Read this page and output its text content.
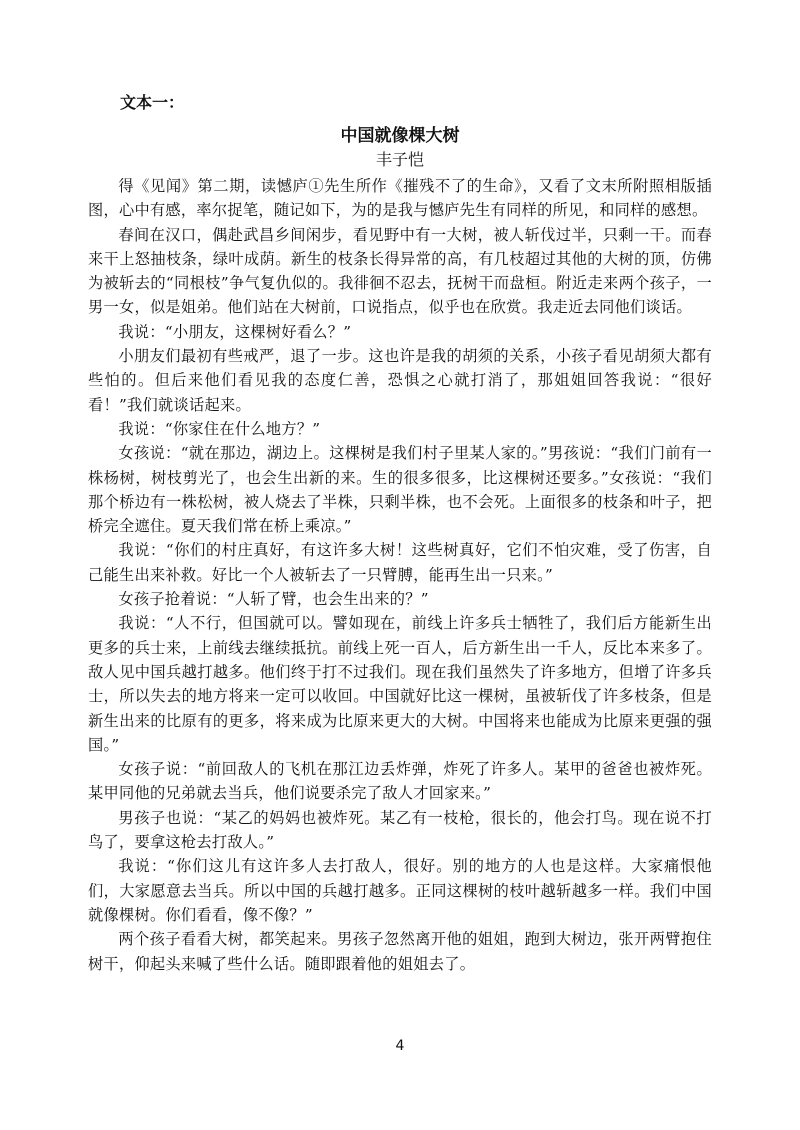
文本一：
中国就像棵大树
丰子恺

得《见闻》第二期，读憾庐①先生所作《摧残不了的生命》，又看了文末所附照相版插图，心中有感，率尔捉笔，随记如下，为的是我与憾庐先生有同样的所见，和同样的感想。

春间在汉口，偶赴武昌乡间闲步，看见野中有一大树，被人斩伐过半，只剩一干。而春来干上怒抽枝条，绿叶成荫。新生的枝条长得异常的高，有几枝超过其他的大树的顶，仿佛为被斩去的“同根枝”争气复仇似的。我徘徊不忍去，抚树干而盘桓。附近走来两个孩子，一男一女，似是姐弟。他们站在大树前，口说指点，似乎也在欣赏。我走近去同他们谈话。

我说：“小朋友，这棵树好看么？”

小朋友们最初有些戒严，退了一步。这也许是我的胡须的关系，小孩子看见胡须大都有些怕的。但后来他们看见我的态度仁善，恐惧之心就打消了，那姐姐回答我说：“很好看！”我们就谈话起来。

我说：“你家住在什么地方？”

女孩说：“就在那边，湖边上。这棵树是我们村子里某人家的。”男孩说：“我们门前有一株杨树，树枝剪光了，也会生出新的来。生的很多很多，比这棵树还要多。”女孩说：“我们那个桥边有一株松树，被人烧去了半株，只剩半株，也不会死。上面很多的枝条和叶子，把桥完全遮住。夏天我们常在桥上乘凉。”

我说：“你们的村庄真好，有这许多大树！这些树真好，它们不怕灾难，受了伤害，自己能生出来补救。好比一个人被斩去了一只臂膊，能再生出一只来。”

女孩子抢着说：“人斩了臂，也会生出来的？”

我说：“人不行，但国就可以。譬如现在，前线上许多兵士牺牲了，我们后方能新生出更多的兵士来，上前线去继续抵抗。前线上死一百人，后方新生出一千人，反比本来多了。敌人见中国兵越打越多。他们终于打不过我们。现在我们虽然失了许多地方，但增了许多兵士，所以失去的地方将来一定可以收回。中国就好比这一棵树，虽被斩伐了许多枝条，但是新生出来的比原有的更多，将来成为比原来更大的大树。中国将来也能成为比原来更强的强国。”

女孩子说：“前回敌人的飞机在那江边丢炸弹，炸死了许多人。某甲的爸爸也被炸死。某甲同他的兄弟就去当兵，他们说要杀完了敌人才回家来。”

男孩子也说：“某乙的妈妈也被炸死。某乙有一枝枪，很长的，他会打鸟。现在说不打鸟了，要拿这枪去打敌人。”

我说：“你们这儿有这许多人去打敌人，很好。别的地方的人也是这样。大家痛恨他们，大家愿意去当兵。所以中国的兵越打越多。正同这棵树的枝叶越斩越多一样。我们中国就像棵树。你们看看，像不像？”

两个孩子看看大树，都笑起来。男孩子忽然离开他的姐姐，跑到大树边，张开两臂抱住树干，仰起头来喊了些什么话。随即跟着他的姐姐去了。

4
